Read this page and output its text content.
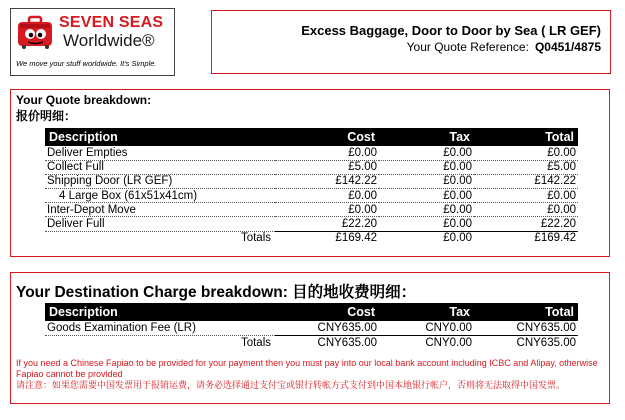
SEVEN SEAS
Worldwide®
We move your stuff worldwide. It's Simple.
Excess Baggage, Door to Door by Sea ( LR GEF)
Your Quote Reference: Q0451/4875
Your Quote breakdown:
报价明细：
Description	Cost	Tax	Total
Deliver Empties	£0.00	£0.00	£0.00
Collect Full	£5.00	£0.00	£5.00
Shipping Door (LR GEF)	£142.22	£0.00	£142.22
4 Large Box (61x51x41cm)	£0.00	£0.00	£0.00
Inter-Depot Move	£0.00	£0.00	£0.00
Deliver Full	£22.20	£0.00	£22.20
Totals	£169.42	£0.00	£169.42
Your Destination Charge breakdown: 目的地收费明细：
Description	Cost	Tax	Total
Goods Examination Fee (LR)	CNY635.00	CNY0.00	CNY635.00
Totals	CNY635.00	CNY0.00	CNY635.00
If you need a Chinese Fapiao to be provided for your payment then you must pay into our local bank account including ICBC and Alipay, otherwise Fapiao cannot be provided
请注意：如果您需要中国发票用于报销运费，请务必选择通过支付宝或银行转帐方式支付到中国本地银行帐户，否则将无法取得中国发票。
